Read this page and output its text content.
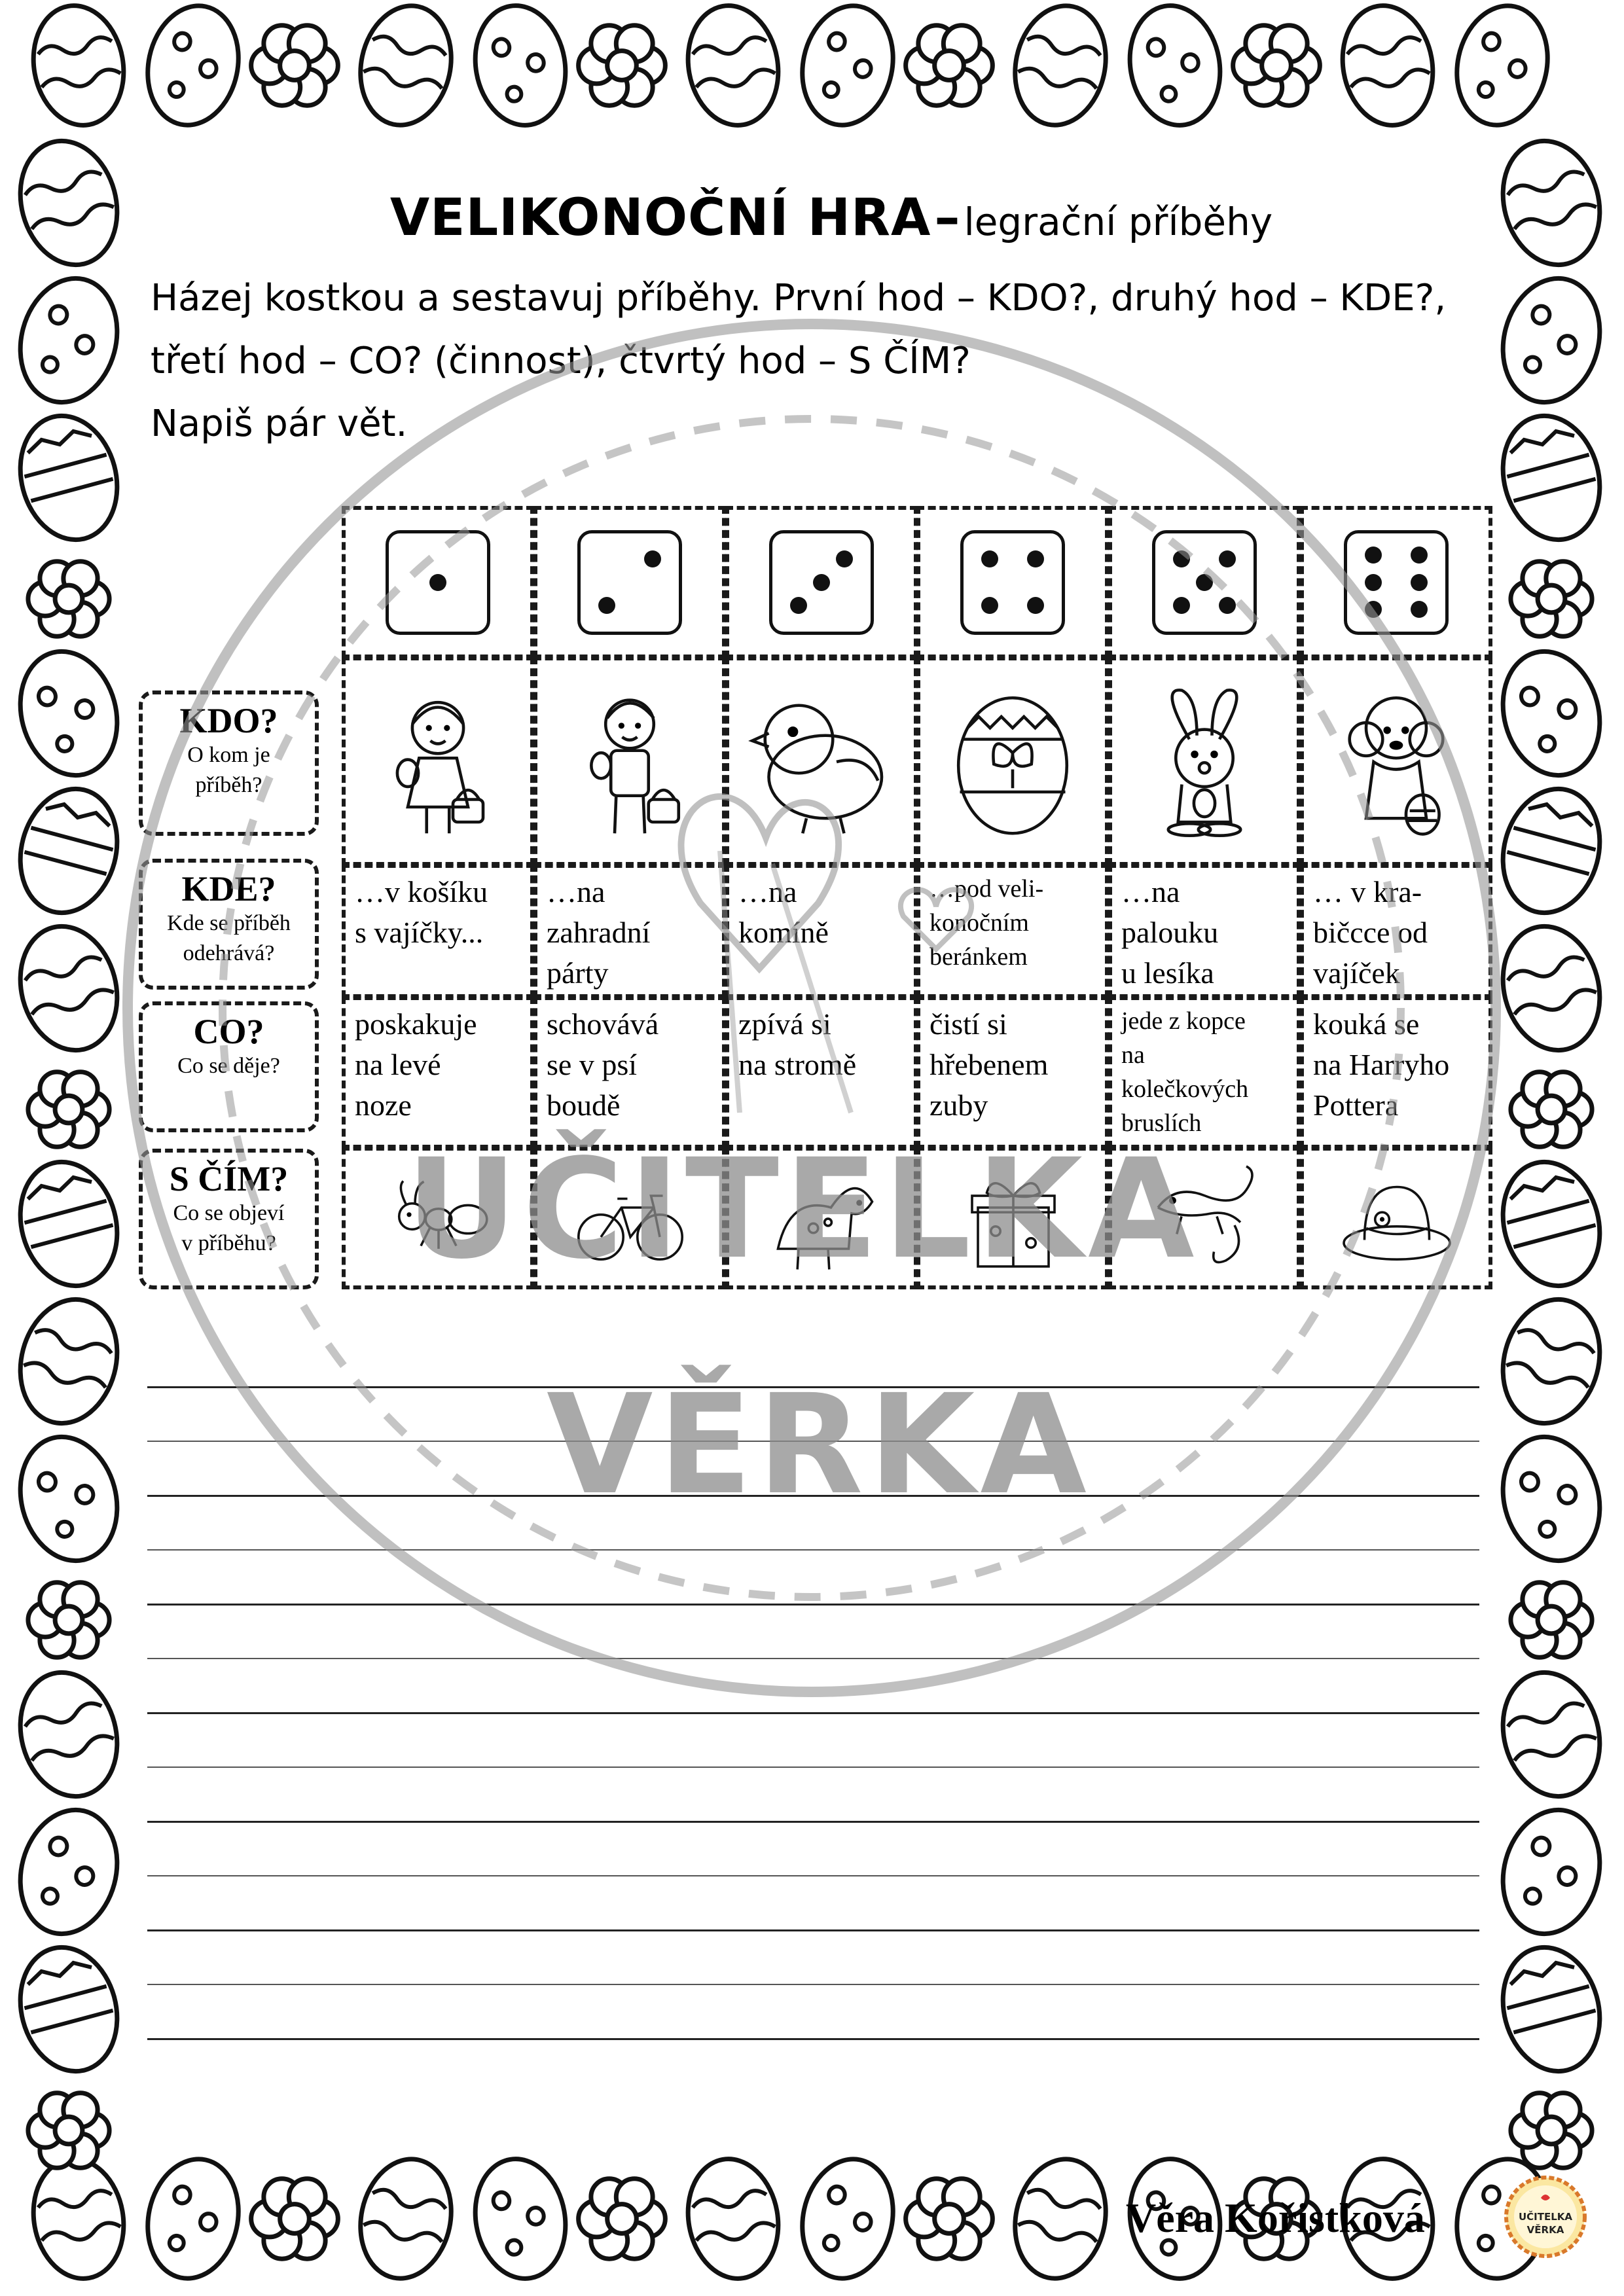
VELIKONOČNÍ HRA – legrační příběhy
Házej kostkou a sestavuj příběhy. První hod – KDO?, druhý hod – KDE?,
třetí hod – CO? (činnost), čtvrtý hod – S ČÍM?
Napiš pár vět.
KDO?
O kom je
příběh?
KDE?
Kde se příběh
odehrává?
CO?
Co se děje?
S ČÍM?
Co se objeví
v příběhu?
…v košíku
s vajíčky...
…na
zahradní
párty
…na
komíně
…pod veli-
konočním
beránkem
…na
palouku
u lesíka
… v kra-
bičcce od
vajíček
poskakuje
na levé
noze
schovává
se v psí
boudě
zpívá si
na stromě
čistí si
hřebenem
zuby
jede z kopce
na
kolečkových
bruslích
kouká se
na Harryho
Pottera
Věra Kořistková	UČITELKA
VĚRKA
UČITELKA
VĚRKA
